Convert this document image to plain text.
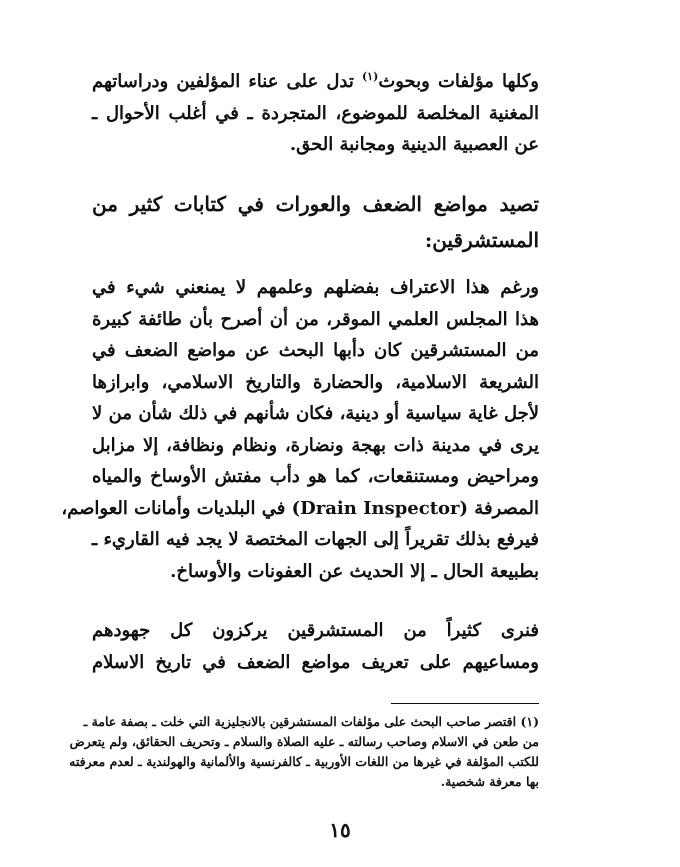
وكلها مؤلفات وبحوث$^{(١)}$ تدل على عناء المؤلفين ودراساتهم
المغنية المخلصة للموضوع، المتجردة ـ في أغلب الأحوال ـ
عن العصبية الدينية ومجانبة الحق.
تصيد مواضع الضعف والعورات في كتابات كثير من
المستشرقين:
ورغم هذا الاعتراف بفضلهم وعلمهم لا يمنعني شيء في
هذا المجلس العلمي الموقر، من أن أصرح بأن طائفة كبيرة
من المستشرقين كان دأبها البحث عن مواضع الضعف في
الشريعة الاسلامية، والحضارة والتاريخ الاسلامي، وابرازها
لأجل غاية سياسية أو دينية، فكان شأنهم في ذلك شأن من لا
يرى في مدينة ذات بهجة ونضارة، ونظام ونظافة، إلا مزابل
ومراحيض ومستنقعات، كما هو دأب مفتش الأوساخ والمياه
المصرفة (Drain Inspector) في البلديات وأمانات العواصم،
فيرفع بذلك تقريراً إلى الجهات المختصة لا يجد فيه القاريء ـ
بطبيعة الحال ـ إلا الحديث عن العفونات والأوساخ.
فنرى كثيراً من المستشرقين يركزون كل جهودهم
ومساعيهم على تعريف مواضع الضعف في تاريخ الاسلام
(١) اقتصر صاحب البحث على مؤلفات المستشرقين بالانجليزية التي خلت ـ بصفة عامة ـ
من طعن في الاسلام وصاحب رسالته ـ عليه الصلاة والسلام ـ وتحريف الحقائق، ولم يتعرض
للكتب المؤلفة في غيرها من اللغات الأوربية ـ كالفرنسية والألمانية والهولندية ـ لعدم معرفته
بها معرفة شخصية.
١٥
